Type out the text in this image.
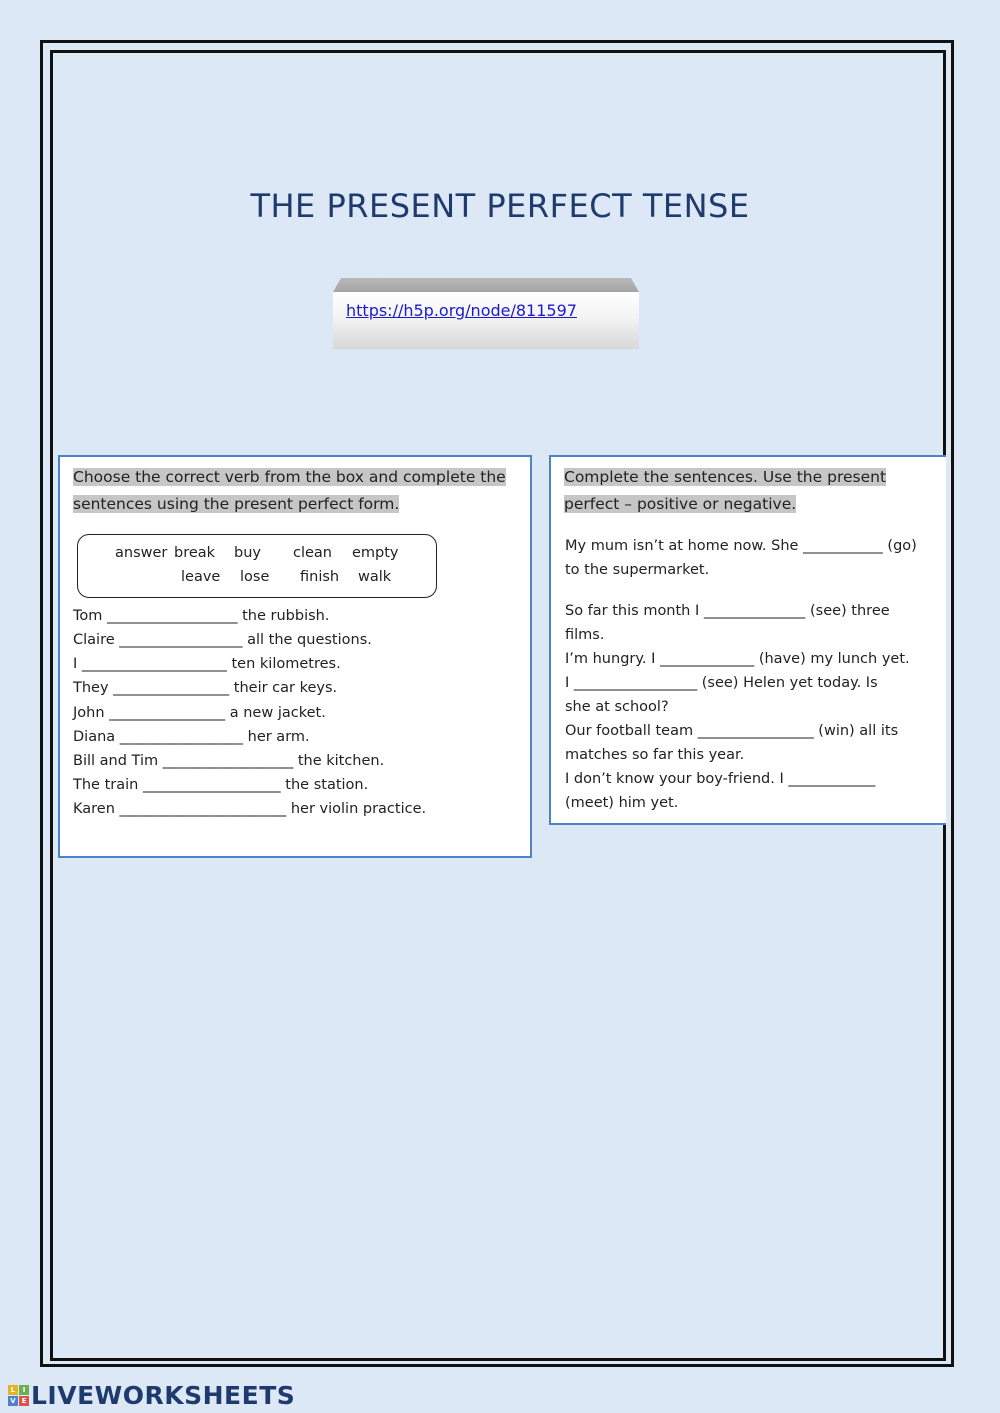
THE PRESENT PERFECT TENSE
https://h5p.org/node/811597
Choose the correct verb from the box and complete the
sentences using the present perfect form.
answer break buy clean empty
leave lose finish walk
Tom __________________ the rubbish.
Claire _________________ all the questions.
I ____________________ ten kilometres.
They ________________ their car keys.
John ________________ a new jacket.
Diana _________________ her arm.
Bill and Tim __________________ the kitchen.
The train ___________________ the station.
Karen _______________________ her violin practice.
Complete the sentences. Use the present
perfect – positive or negative.
My mum isn’t at home now. She ___________ (go)
to the supermarket.
So far this month I ______________ (see) three
films.
I’m hungry. I _____________ (have) my lunch yet.
I _________________ (see) Helen yet today. Is
she at school?
Our football team ________________ (win) all its
matches so far this year.
I don’t know your boy-friend. I ____________
(meet) him yet.
L	I
V E LIVEWORKSHEETS
